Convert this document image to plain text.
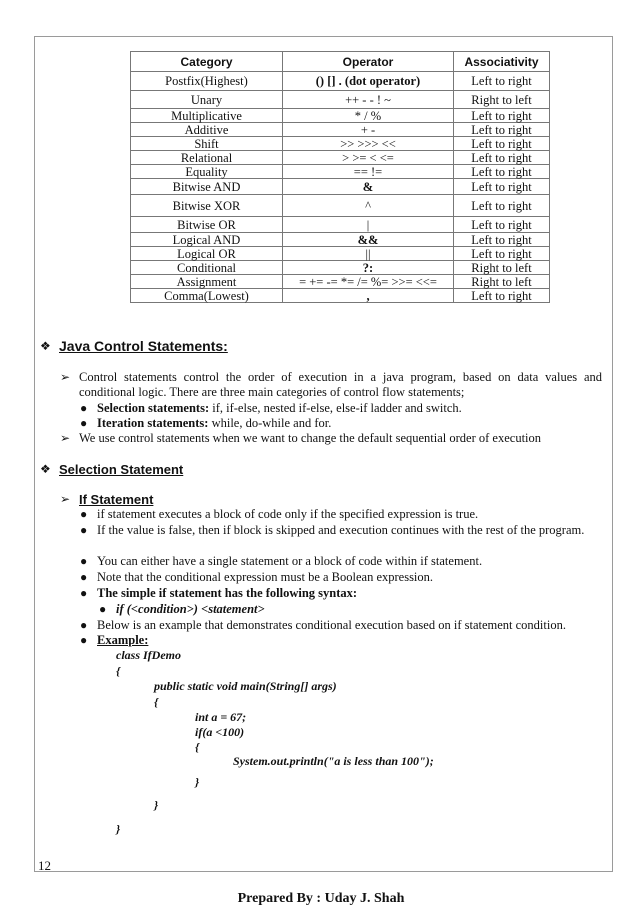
Category	Operator	Associativity
Postfix(Highest)	() [] . (dot operator)	Left to right
Unary	++ - - ! ~	Right to left
Multiplicative	* / %	Left to right
Additive	+ -	Left to right
Shift	>> >>> <<	Left to right
Relational	> >= < <=	Left to right
Equality	== !=	Left to right
Bitwise AND	&	Left to right
Bitwise XOR	^	Left to right
Bitwise OR	|	Left to right
Logical AND	&&	Left to right
Logical OR	||	Left to right
Conditional	?:	Right to left
Assignment	= += -= *= /= %= >>= <<=	Right to left
Comma(Lowest)	,	Left to right
❖ Java Control Statements:
➢ Control statements control the order of execution in a java program, based on data values and conditional logic. There are three main categories of control flow statements;
● Selection statements: if, if-else, nested if-else, else-if ladder and switch.
● Iteration statements: while, do-while and for.
➢ We use control statements when we want to change the default sequential order of execution
❖ Selection Statement
➢ If Statement
● if statement executes a block of code only if the specified expression is true.
● If the value is false, then if block is skipped and execution continues with the rest of the program.
● You can either have a single statement or a block of code within if statement.
● Note that the conditional expression must be a Boolean expression.
● The simple if statement has the following syntax:
● if (<condition>) <statement>
● Below is an example that demonstrates conditional execution based on if statement condition.
● Example:
class IfDemo
{
public static void main(String[] args)
{
int a = 67;
if(a <100)
{
System.out.println("a is less than 100");
}
}
}
12
Prepared By : Uday J. Shah
